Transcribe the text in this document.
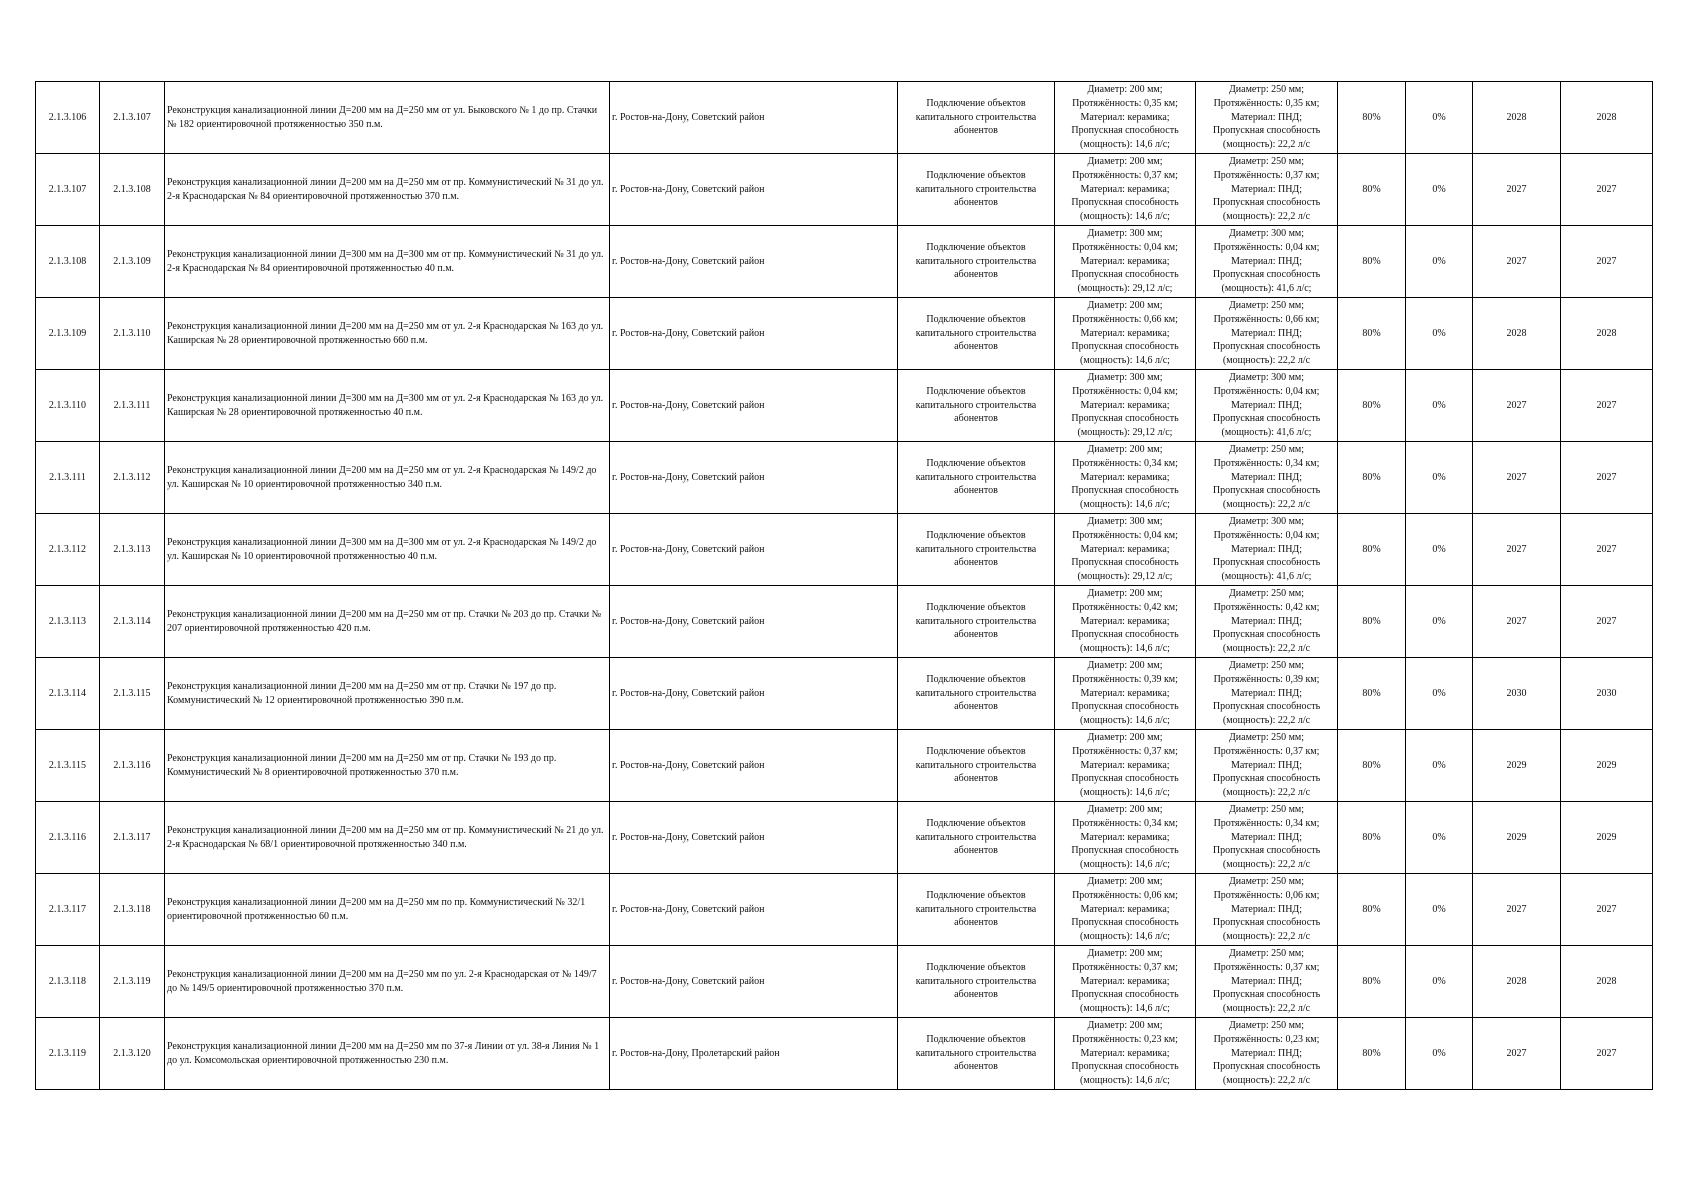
2.1.3.106	2.1.3.107	Реконструкция канализационной линии Д=200 мм на Д=250 мм от ул. Быковского № 1 до пр. Стачки № 182 ориентировочной протяженностью 350 п.м.	г. Ростов-на-Дону, Советский район	Подключение объектов капитального строительства абонентов	Диаметр: 200 мм;
Протяжённость: 0,35 км;
Материал: керамика;
Пропускная способность (мощность): 14,6 л/с;	Диаметр: 250 мм;
Протяжённость: 0,35 км;
Материал: ПНД;
Пропускная способность (мощность): 22,2 л/с	80%	0%	2028	2028
2.1.3.107	2.1.3.108	Реконструкция канализационной линии Д=200 мм на Д=250 мм от пр. Коммунистический № 31 до ул. 2-я Краснодарская № 84 ориентировочной протяженностью 370 п.м.	г. Ростов-на-Дону, Советский район	Подключение объектов капитального строительства абонентов	Диаметр: 200 мм;
Протяжённость: 0,37 км;
Материал: керамика;
Пропускная способность (мощность): 14,6 л/с;	Диаметр: 250 мм;
Протяжённость: 0,37 км;
Материал: ПНД;
Пропускная способность (мощность): 22,2 л/с	80%	0%	2027	2027
2.1.3.108	2.1.3.109	Реконструкция канализационной линии Д=300 мм на Д=300 мм от пр. Коммунистический № 31 до ул. 2-я Краснодарская № 84 ориентировочной протяженностью 40 п.м.	г. Ростов-на-Дону, Советский район	Подключение объектов капитального строительства абонентов	Диаметр: 300 мм;
Протяжённость: 0,04 км;
Материал: керамика;
Пропускная способность (мощность): 29,12 л/с;	Диаметр: 300 мм;
Протяжённость: 0,04 км;
Материал: ПНД;
Пропускная способность (мощность): 41,6 л/с;	80%	0%	2027	2027
2.1.3.109	2.1.3.110	Реконструкция канализационной линии Д=200 мм на Д=250 мм от ул. 2-я Краснодарская № 163 до ул. Каширская № 28 ориентировочной протяженностью 660 п.м.	г. Ростов-на-Дону, Советский район	Подключение объектов капитального строительства абонентов	Диаметр: 200 мм;
Протяжённость: 0,66 км;
Материал: керамика;
Пропускная способность (мощность): 14,6 л/с;	Диаметр: 250 мм;
Протяжённость: 0,66 км;
Материал: ПНД;
Пропускная способность (мощность): 22,2 л/с	80%	0%	2028	2028
2.1.3.110	2.1.3.111	Реконструкция канализационной линии Д=300 мм на Д=300 мм от ул. 2-я Краснодарская № 163 до ул. Каширская № 28 ориентировочной протяженностью 40 п.м.	г. Ростов-на-Дону, Советский район	Подключение объектов капитального строительства абонентов	Диаметр: 300 мм;
Протяжённость: 0,04 км;
Материал: керамика;
Пропускная способность (мощность): 29,12 л/с;	Диаметр: 300 мм;
Протяжённость: 0,04 км;
Материал: ПНД;
Пропускная способность (мощность): 41,6 л/с;	80%	0%	2027	2027
2.1.3.111	2.1.3.112	Реконструкция канализационной линии Д=200 мм на Д=250 мм от ул. 2-я Краснодарская № 149/2 до ул. Каширская № 10 ориентировочной протяженностью 340 п.м.	г. Ростов-на-Дону, Советский район	Подключение объектов капитального строительства абонентов	Диаметр: 200 мм;
Протяжённость: 0,34 км;
Материал: керамика;
Пропускная способность (мощность): 14,6 л/с;	Диаметр: 250 мм;
Протяжённость: 0,34 км;
Материал: ПНД;
Пропускная способность (мощность): 22,2 л/с	80%	0%	2027	2027
2.1.3.112	2.1.3.113	Реконструкция канализационной линии Д=300 мм на Д=300 мм от ул. 2-я Краснодарская № 149/2 до ул. Каширская № 10 ориентировочной протяженностью 40 п.м.	г. Ростов-на-Дону, Советский район	Подключение объектов капитального строительства абонентов	Диаметр: 300 мм;
Протяжённость: 0,04 км;
Материал: керамика;
Пропускная способность (мощность): 29,12 л/с;	Диаметр: 300 мм;
Протяжённость: 0,04 км;
Материал: ПНД;
Пропускная способность (мощность): 41,6 л/с;	80%	0%	2027	2027
2.1.3.113	2.1.3.114	Реконструкция канализационной линии Д=200 мм на Д=250 мм от пр. Стачки № 203 до пр. Стачки № 207 ориентировочной протяженностью 420 п.м.	г. Ростов-на-Дону, Советский район	Подключение объектов капитального строительства абонентов	Диаметр: 200 мм;
Протяжённость: 0,42 км;
Материал: керамика;
Пропускная способность (мощность): 14,6 л/с;	Диаметр: 250 мм;
Протяжённость: 0,42 км;
Материал: ПНД;
Пропускная способность (мощность): 22,2 л/с	80%	0%	2027	2027
2.1.3.114	2.1.3.115	Реконструкция канализационной линии Д=200 мм на Д=250 мм от пр. Стачки № 197 до пр. Коммунистический № 12 ориентировочной протяженностью 390 п.м.	г. Ростов-на-Дону, Советский район	Подключение объектов капитального строительства абонентов	Диаметр: 200 мм;
Протяжённость: 0,39 км;
Материал: керамика;
Пропускная способность (мощность): 14,6 л/с;	Диаметр: 250 мм;
Протяжённость: 0,39 км;
Материал: ПНД;
Пропускная способность (мощность): 22,2 л/с	80%	0%	2030	2030
2.1.3.115	2.1.3.116	Реконструкция канализационной линии Д=200 мм на Д=250 мм от пр. Стачки № 193 до пр. Коммунистический № 8 ориентировочной протяженностью 370 п.м.	г. Ростов-на-Дону, Советский район	Подключение объектов капитального строительства абонентов	Диаметр: 200 мм;
Протяжённость: 0,37 км;
Материал: керамика;
Пропускная способность (мощность): 14,6 л/с;	Диаметр: 250 мм;
Протяжённость: 0,37 км;
Материал: ПНД;
Пропускная способность (мощность): 22,2 л/с	80%	0%	2029	2029
2.1.3.116	2.1.3.117	Реконструкция канализационной линии Д=200 мм на Д=250 мм от пр. Коммунистический № 21 до ул. 2-я Краснодарская № 68/1 ориентировочной протяженностью 340 п.м.	г. Ростов-на-Дону, Советский район	Подключение объектов капитального строительства абонентов	Диаметр: 200 мм;
Протяжённость: 0,34 км;
Материал: керамика;
Пропускная способность (мощность): 14,6 л/с;	Диаметр: 250 мм;
Протяжённость: 0,34 км;
Материал: ПНД;
Пропускная способность (мощность): 22,2 л/с	80%	0%	2029	2029
2.1.3.117	2.1.3.118	Реконструкция канализационной линии Д=200 мм на Д=250 мм по пр. Коммунистический № 32/1 ориентировочной протяженностью 60 п.м.	г. Ростов-на-Дону, Советский район	Подключение объектов капитального строительства абонентов	Диаметр: 200 мм;
Протяжённость: 0,06 км;
Материал: керамика;
Пропускная способность (мощность): 14,6 л/с;	Диаметр: 250 мм;
Протяжённость: 0,06 км;
Материал: ПНД;
Пропускная способность (мощность): 22,2 л/с	80%	0%	2027	2027
2.1.3.118	2.1.3.119	Реконструкция канализационной линии Д=200 мм на Д=250 мм по ул. 2-я Краснодарская от № 149/7 до № 149/5 ориентировочной протяженностью 370 п.м.	г. Ростов-на-Дону, Советский район	Подключение объектов капитального строительства абонентов	Диаметр: 200 мм;
Протяжённость: 0,37 км;
Материал: керамика;
Пропускная способность (мощность): 14,6 л/с;	Диаметр: 250 мм;
Протяжённость: 0,37 км;
Материал: ПНД;
Пропускная способность (мощность): 22,2 л/с	80%	0%	2028	2028
2.1.3.119	2.1.3.120	Реконструкция канализационной линии Д=200 мм на Д=250 мм по 37-я Линии от ул. 38-я Линия № 1 до ул. Комсомольская ориентировочной протяженностью 230 п.м.	г. Ростов-на-Дону, Пролетарский район	Подключение объектов капитального строительства абонентов	Диаметр: 200 мм;
Протяжённость: 0,23 км;
Материал: керамика;
Пропускная способность (мощность): 14,6 л/с;	Диаметр: 250 мм;
Протяжённость: 0,23 км;
Материал: ПНД;
Пропускная способность (мощность): 22,2 л/с	80%	0%	2027	2027
